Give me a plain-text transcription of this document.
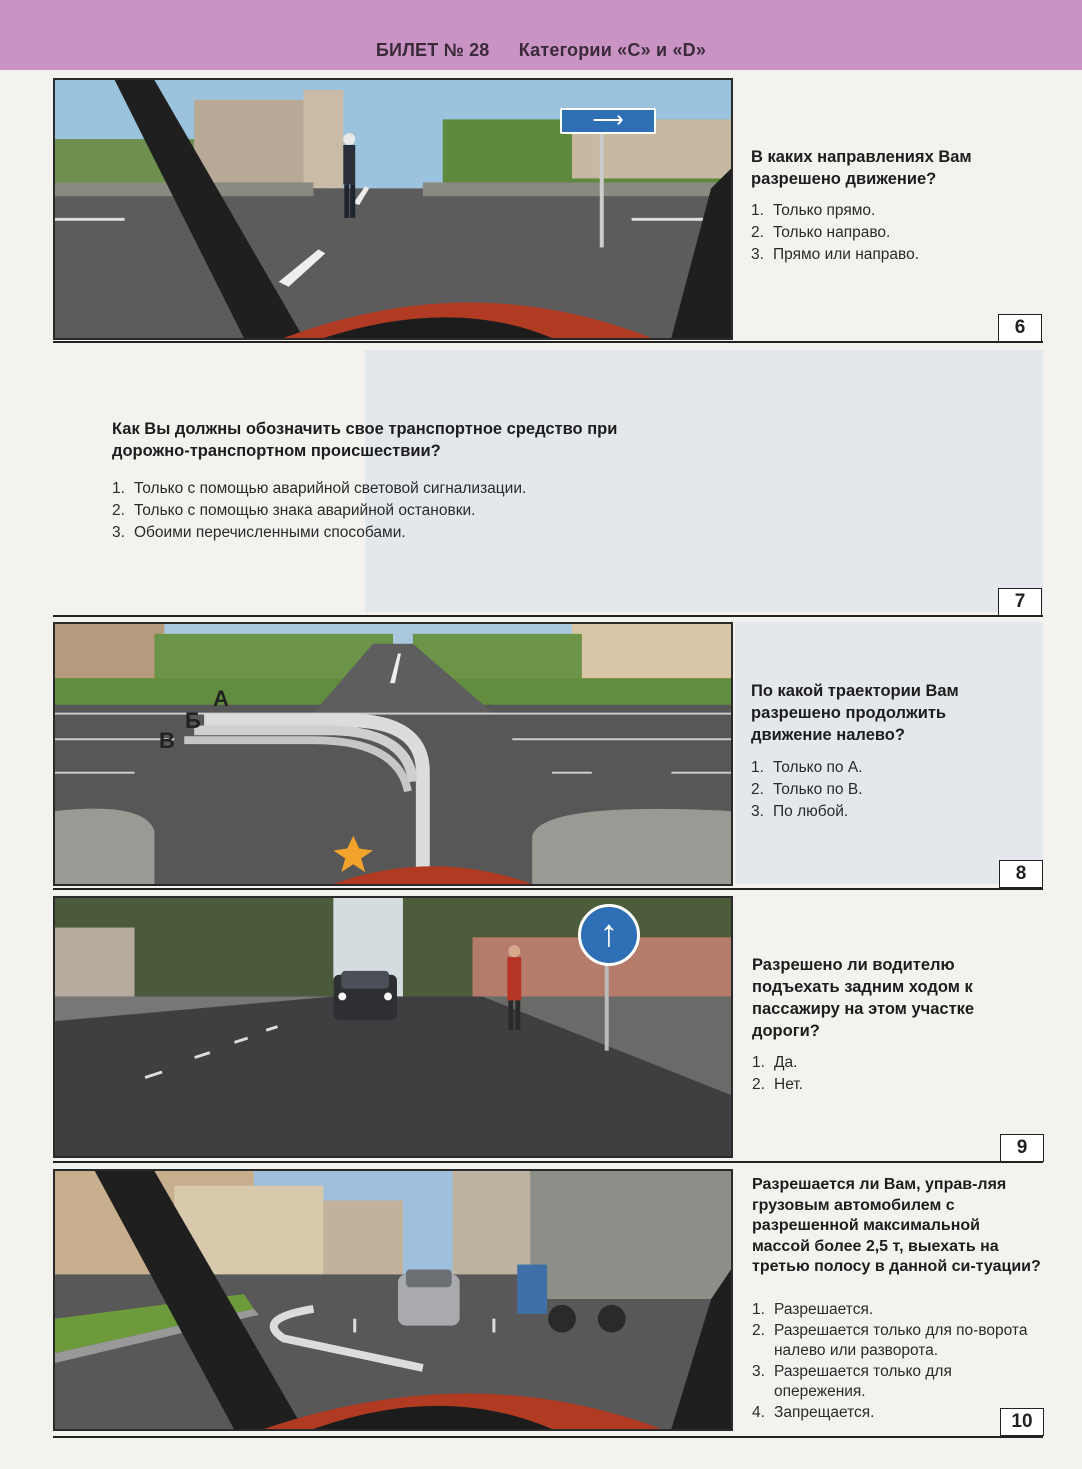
БИЛЕТ № 28 Категории «C» и «D»
⟶
В каких направлениях Вам разрешено движение?
1. Только прямо.
2. Только направо.
3. Прямо или направо.
6
Как Вы должны обозначить свое транспортное средство при дорожно-транспортном происшествии?
1. Только с помощью аварийной световой сигнализации.
2. Только с помощью знака аварийной остановки.
3. Обоими перечисленными способами.
7
А
Б
В
По какой траектории Вам разрешено продолжить движение налево?
1. Только по А.
2. Только по В.
3. По любой.
8
↑
Разрешено ли водителю подъехать задним ходом к пассажиру на этом участке дороги?
1. Да.
2. Нет.
9
Разрешается ли Вам, управ-ляя грузовым автомобилем с разрешенной максимальной массой более 2,5 т, выехать на третью полосу в данной си-туации?
1. Разрешается.
2. Разрешается только для по-ворота налево или разворота.
3. Разрешается только для опережения.
4. Запрещается.	10
